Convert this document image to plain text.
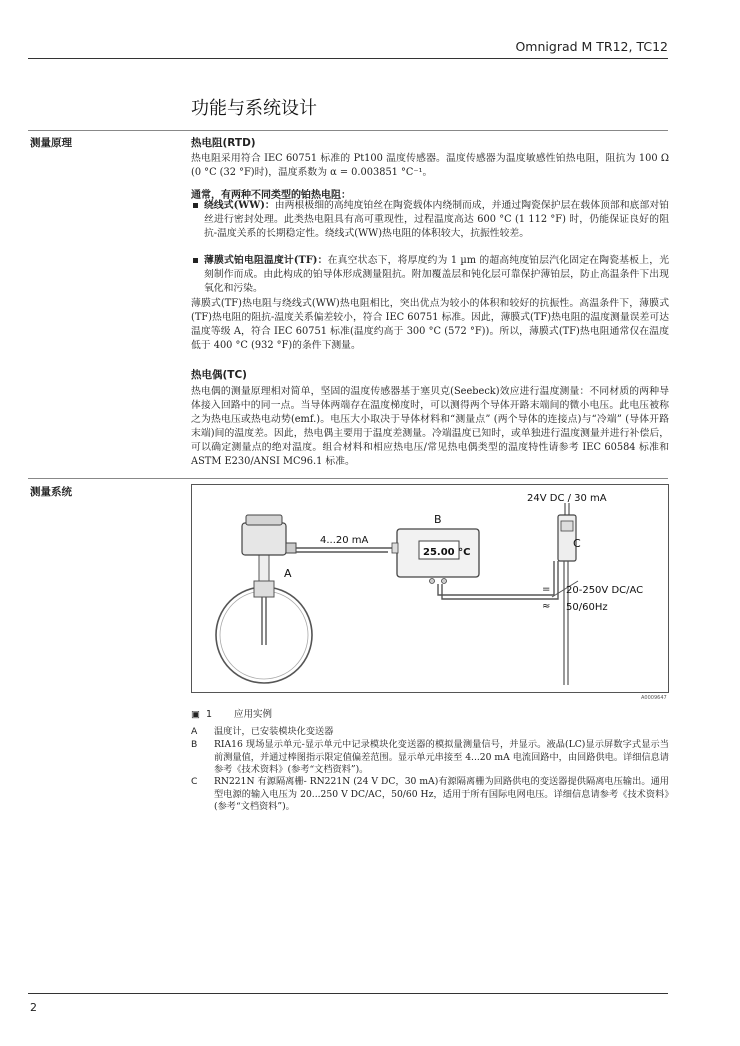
Omnigrad M TR12, TC12
功能与系统设计
测量原理	热电阻(RTD)
热电阻采用符合 IEC 60751 标准的 Pt100 温度传感器。温度传感器为温度敏感性铂热电阻，阻抗为 100 Ω (0 °C (32 °F)时)，温度系数为 α = 0.003851 °C⁻¹。
通常，有两种不同类型的铂热电阻：
绕线式(WW)：由两根极细的高纯度铂丝在陶瓷载体内绕制而成，并通过陶瓷保护层在载体顶部和底部对铂丝进行密封处理。此类热电阻具有高可重现性，过程温度高达 600 °C (1 112 °F) 时，仍能保证良好的阻抗-温度关系的长期稳定性。绕线式(WW)热电阻的体积较大，抗振性较差。
薄膜式铂电阻温度计(TF)：在真空状态下，将厚度约为 1 µm 的超高纯度铂层汽化固定在陶瓷基板上，光刻制作而成。由此构成的铂导体形成测量阻抗。附加覆盖层和钝化层可靠保护薄铂层，防止高温条件下出现氧化和污染。
薄膜式(TF)热电阻与绕线式(WW)热电阻相比，突出优点为较小的体积和较好的抗振性。高温条件下，薄膜式(TF)热电阻的阻抗-温度关系偏差较小，符合 IEC 60751 标准。因此，薄膜式(TF)热电阻的温度测量误差可达温度等级 A，符合 IEC 60751 标准(温度约高于 300 °C (572 °F))。所以，薄膜式(TF)热电阻通常仅在温度低于 400 °C (932 °F)的条件下测量。
热电偶(TC)
热电偶的测量原理相对简单，坚固的温度传感器基于塞贝克(Seebeck)效应进行温度测量：不同材质的两种导体接入回路中的同一点。当导体两端存在温度梯度时，可以测得两个导体开路末端间的微小电压。此电压被称之为热电压或热电动势(emf.)。电压大小取决于导体材料和“测量点” (两个导体的连接点)与“冷端” (导体开路末端)间的温度差。因此，热电偶主要用于温度差测量。冷端温度已知时，或单独进行温度测量并进行补偿后，可以确定测量点的绝对温度。组合材料和相应热电压/常见热电偶类型的温度特性请参考 IEC 60584 标准和 ASTM E230/ANSI MC96.1 标准。
测量系统
A
4...20 mA
25.00 °C
B
C
24V DC / 30 mA
=
≈
20-250V DC/AC
50/60Hz
A0009647
▣ 1 应用实例
A 温度计，已安装模块化变送器
B RIA16 现场显示单元-显示单元中记录模块化变送器的模拟量测量信号，并显示。液晶(LC)显示屏数字式显示当前测量值，并通过棒图指示限定值偏差范围。显示单元串接至 4...20 mA 电流回路中，由回路供电。详细信息请参考《技术资料》(参考“文档资料”)。
C RN221N 有源隔离栅- RN221N (24 V DC，30 mA)有源隔离栅为回路供电的变送器提供隔离电压输出。通用型电源的输入电压为 20...250 V DC/AC，50/60 Hz，适用于所有国际电网电压。详细信息请参考《技术资料》(参考“文档资料”)。
2
